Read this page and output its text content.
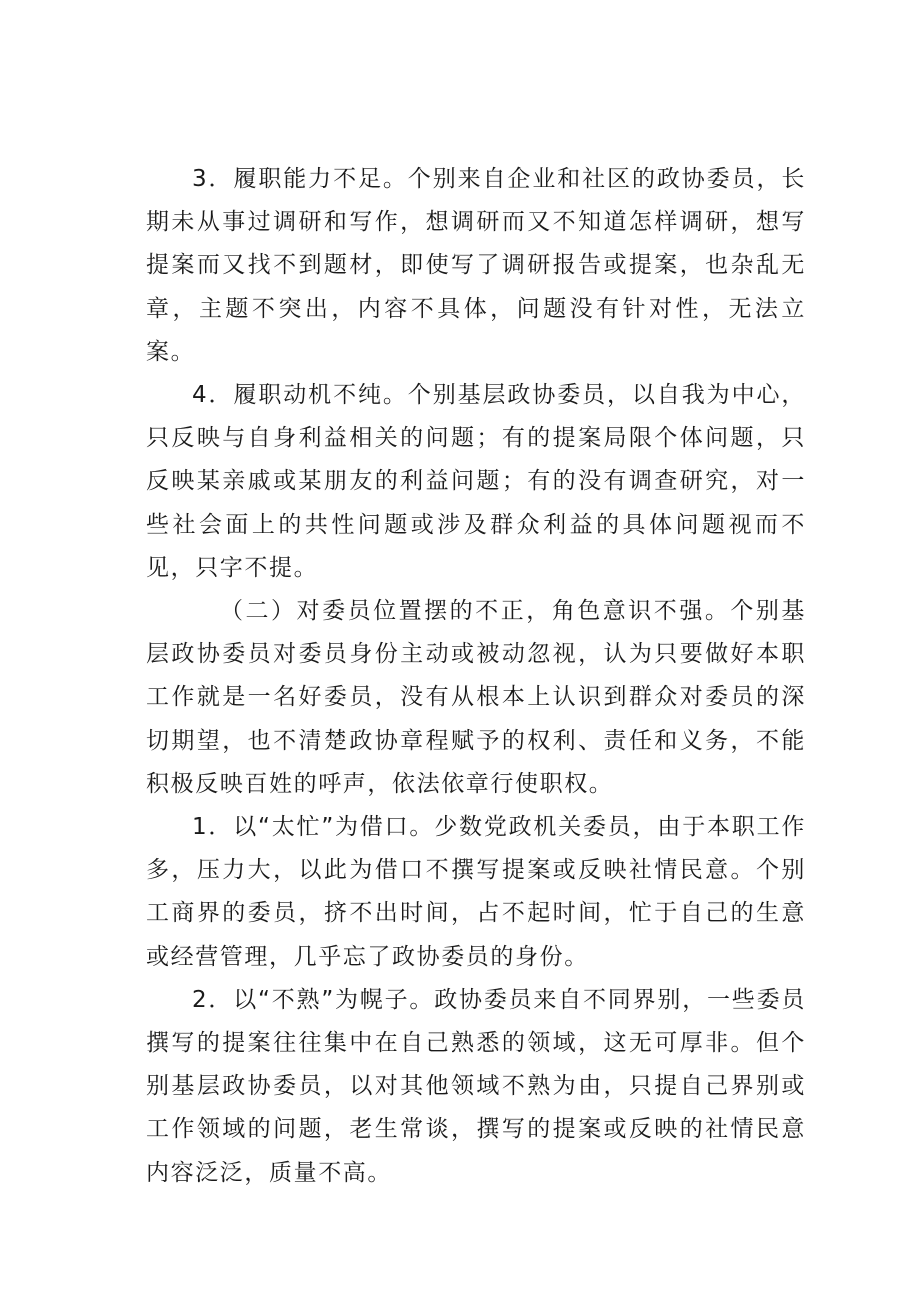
3．履职能力不足。个别来自企业和社区的政协委员，长期未从事过调研和写作，想调研而又不知道怎样调研，想写提案而又找不到题材，即使写了调研报告或提案，也杂乱无章，主题不突出，内容不具体，问题没有针对性，无法立案。

4．履职动机不纯。个别基层政协委员，以自我为中心，只反映与自身利益相关的问题；有的提案局限个体问题，只反映某亲戚或某朋友的利益问题；有的没有调查研究，对一些社会面上的共性问题或涉及群众利益的具体问题视而不见，只字不提。

（二）对委员位置摆的不正，角色意识不强。个别基层政协委员对委员身份主动或被动忽视，认为只要做好本职工作就是一名好委员，没有从根本上认识到群众对委员的深切期望，也不清楚政协章程赋予的权利、责任和义务，不能积极反映百姓的呼声，依法依章行使职权。

1．以“太忙”为借口。少数党政机关委员，由于本职工作多，压力大，以此为借口不撰写提案或反映社情民意。个别工商界的委员，挤不出时间，占不起时间，忙于自己的生意或经营管理，几乎忘了政协委员的身份。

2．以“不熟”为幌子。政协委员来自不同界别，一些委员撰写的提案往往集中在自己熟悉的领域，这无可厚非。但个别基层政协委员，以对其他领域不熟为由，只提自己界别或工作领域的问题，老生常谈，撰写的提案或反映的社情民意内容泛泛，质量不高。
